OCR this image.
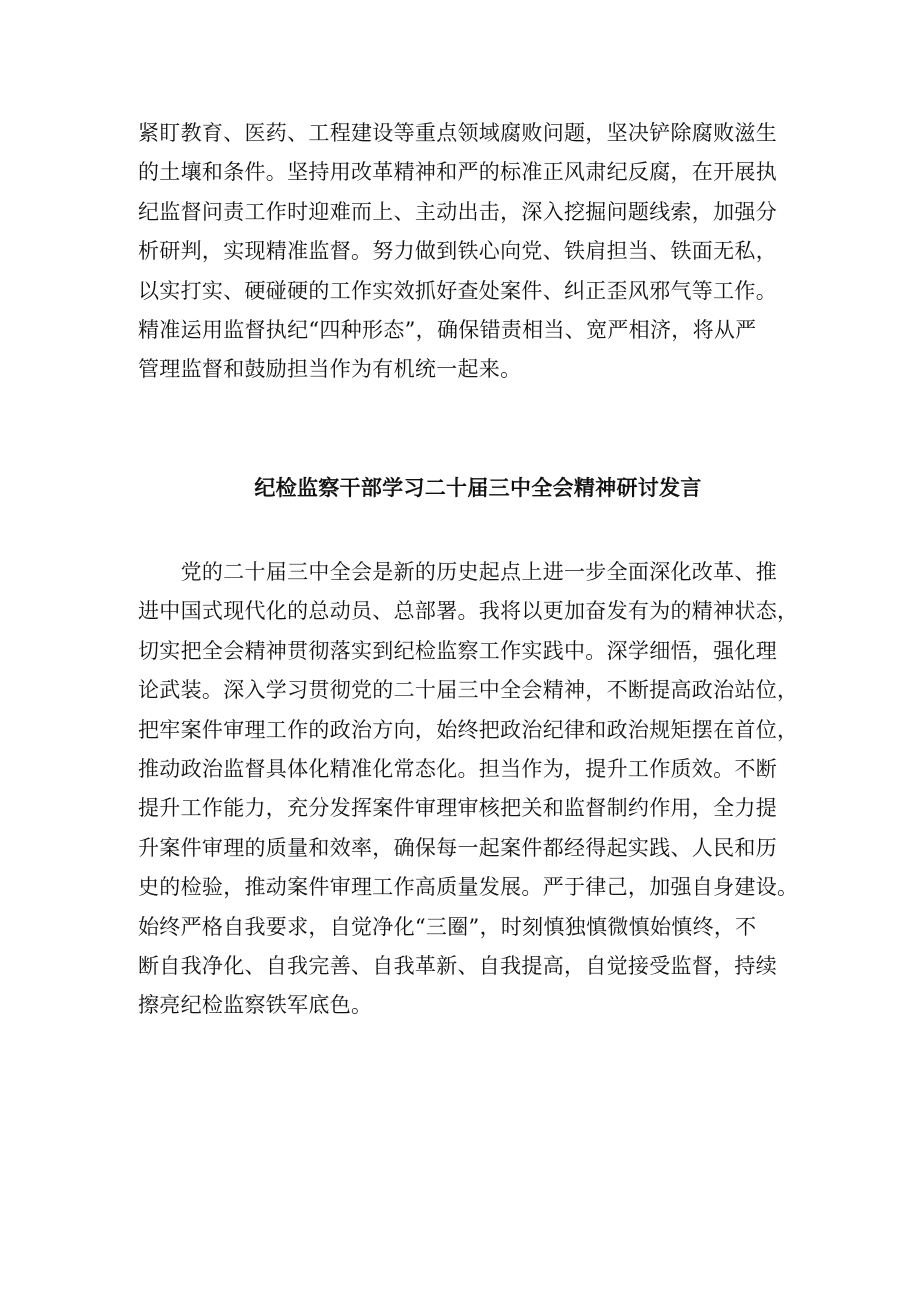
紧盯教育、医药、工程建设等重点领域腐败问题，坚决铲除腐败滋生
的土壤和条件。坚持用改革精神和严的标准正风肃纪反腐，在开展执
纪监督问责工作时迎难而上、主动出击，深入挖掘问题线索，加强分
析研判，实现精准监督。努力做到铁心向党、铁肩担当、铁面无私，
以实打实、硬碰硬的工作实效抓好查处案件、纠正歪风邪气等工作。
精准运用监督执纪“四种形态”，确保错责相当、宽严相济，将从严
管理监督和鼓励担当作为有机统一起来。
纪检监察干部学习二十届三中全会精神研讨发言
　　党的二十届三中全会是新的历史起点上进一步全面深化改革、推
进中国式现代化的总动员、总部署。我将以更加奋发有为的精神状态，
切实把全会精神贯彻落实到纪检监察工作实践中。深学细悟，强化理
论武装。深入学习贯彻党的二十届三中全会精神，不断提高政治站位，
把牢案件审理工作的政治方向，始终把政治纪律和政治规矩摆在首位，
推动政治监督具体化精准化常态化。担当作为，提升工作质效。不断
提升工作能力，充分发挥案件审理审核把关和监督制约作用，全力提
升案件审理的质量和效率，确保每一起案件都经得起实践、人民和历
史的检验，推动案件审理工作高质量发展。严于律己，加强自身建设。
始终严格自我要求，自觉净化“三圈”，时刻慎独慎微慎始慎终，不
断自我净化、自我完善、自我革新、自我提高，自觉接受监督，持续
擦亮纪检监察铁军底色。
